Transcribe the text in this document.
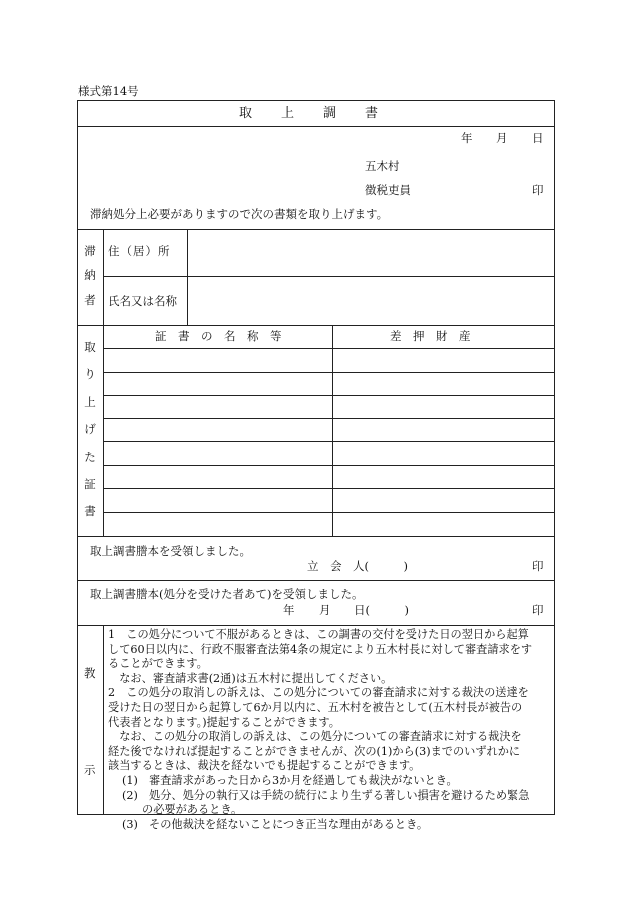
様式第14号
取　　上　　調　　書
年 月 日
五木村
徴税吏員	印
滞納処分上必要がありますので次の書類を取り上げます。
滞
納
者
住（居）所
氏名又は名称
取
り
上
げ
た
証
書
証　書　の　名　称　等	差　押　財　産
取上調書謄本を受領しました。
立　会　人(　　　)	印
取上調書謄本(処分を受けた者あて)を受領しました。
年 月 日(　　　)	印
教
示
1　この処分について不服があるときは、この調書の交付を受けた日の翌日から起算
して60日以内に、行政不服審査法第4条の規定により五木村長に対して審査請求をす
ることができます。
　なお、審査請求書(2通)は五木村に提出してください。
2　この処分の取消しの訴えは、この処分についての審査請求に対する裁決の送達を
受けた日の翌日から起算して6か月以内に、五木村を被告として(五木村長が被告の
代表者となります。)提起することができます。
　なお、この処分の取消しの訴えは、この処分についての審査請求に対する裁決を
経た後でなければ提起することができませんが、次の(1)から(3)までのいずれかに
該当するときは、裁決を経ないでも提起することができます。
(1)　審査請求があった日から3か月を経過しても裁決がないとき。
(2)　処分、処分の執行又は手続の続行により生ずる著しい損害を避けるため緊急
の必要があるとき。
(3)　その他裁決を経ないことにつき正当な理由があるとき。
